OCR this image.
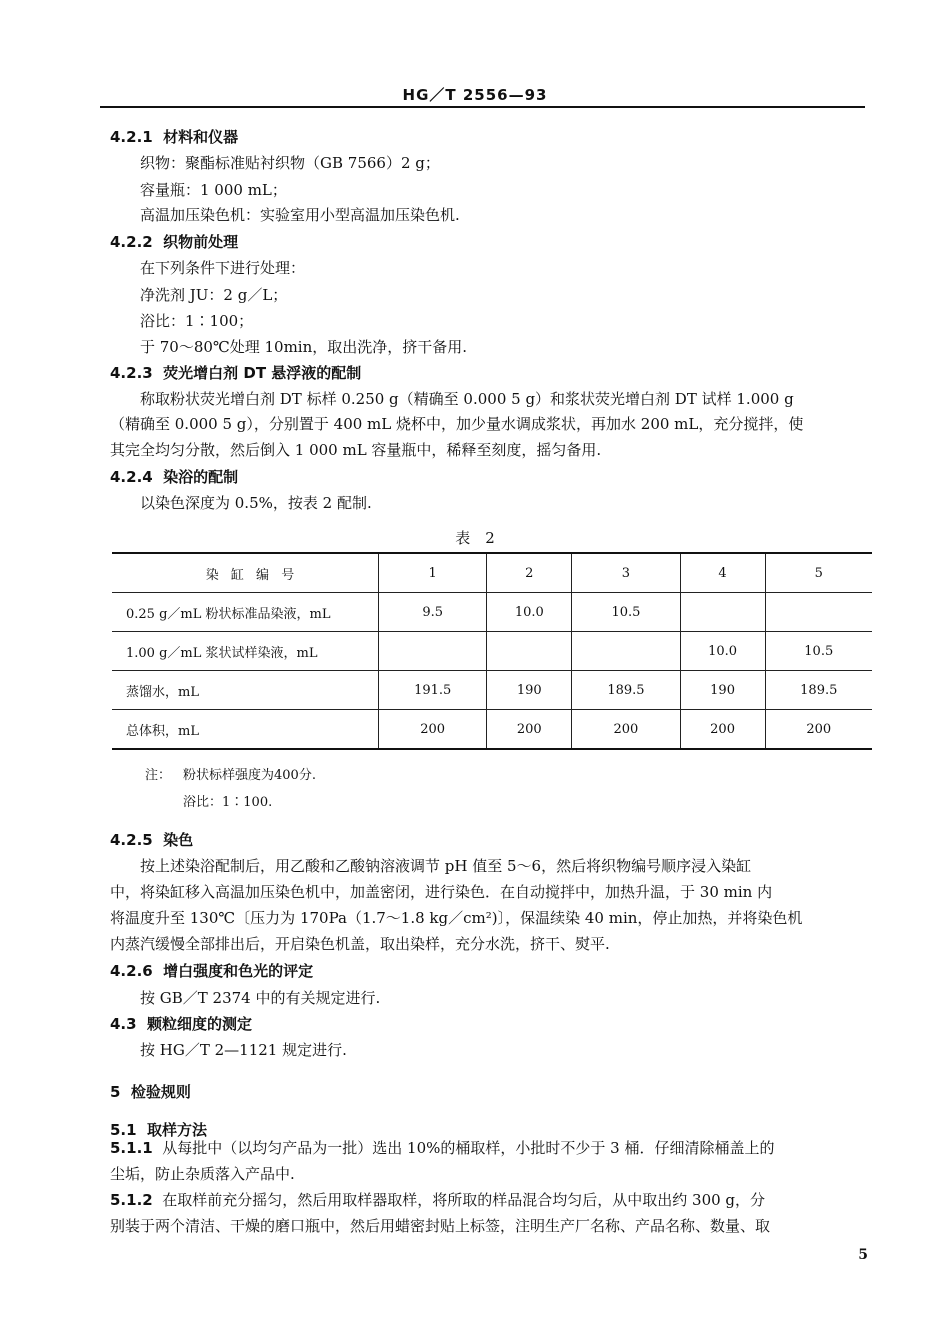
HG／T 2556—93
4.2.1 材料和仪器
织物：聚酯标准贴衬织物（GB 7566）2 g；
容量瓶：1 000 mL；
高温加压染色机：实验室用小型高温加压染色机.
4.2.2 织物前处理
在下列条件下进行处理：
净洗剂 JU：2 g／L；
浴比：1∶100；
于 70～80℃处理 10min，取出洗净，挤干备用.
4.2.3 荧光增白剂 DT 悬浮液的配制
称取粉状荧光增白剂 DT 标样 0.250 g（精确至 0.000 5 g）和浆状荧光增白剂 DT 试样 1.000 g
（精确至 0.000 5 g），分别置于 400 mL 烧杯中，加少量水调成浆状，再加水 200 mL，充分搅拌，使
其完全均匀分散，然后倒入 1 000 mL 容量瓶中，稀释至刻度，摇匀备用.
4.2.4 染浴的配制
以染色深度为 0.5%，按表 2 配制.
表　2
染 缸 编 号	1	2	3	4	5
0.25 g／mL 粉状标准品染液，mL	9.5	10.0	10.5		
1.00 g／mL 浆状试样染液，mL				10.0	10.5
蒸馏水，mL	191.5	190	189.5	190	189.5
总体积，mL	200	200	200	200	200
注： 粉状标样强度为400分.
浴比：1∶100.
4.2.5 染色
按上述染浴配制后，用乙酸和乙酸钠溶液调节 pH 值至 5～6，然后将织物编号顺序浸入染缸
中，将染缸移入高温加压染色机中，加盖密闭，进行染色．在自动搅拌中，加热升温，于 30 min 内
将温度升至 130℃〔压力为 170Pa（1.7～1.8 kg／cm²)〕，保温续染 40 min，停止加热，并将染色机
内蒸汽缓慢全部排出后，开启染色机盖，取出染样，充分水洗，挤干、熨平.
4.2.6 增白强度和色光的评定
按 GB／T 2374 中的有关规定进行.
4.3 颗粒细度的测定
按 HG／T 2—1121 规定进行.
5 检验规则
5.1 取样方法
5.1.1 从每批中（以均匀产品为一批）选出 10%的桶取样，小批时不少于 3 桶．仔细清除桶盖上的
尘垢，防止杂质落入产品中.
5.1.2 在取样前充分摇匀，然后用取样器取样，将所取的样品混合均匀后，从中取出约 300 g，分
别装于两个清洁、干燥的磨口瓶中，然后用蜡密封贴上标签，注明生产厂名称、产品名称、数量、取
5
